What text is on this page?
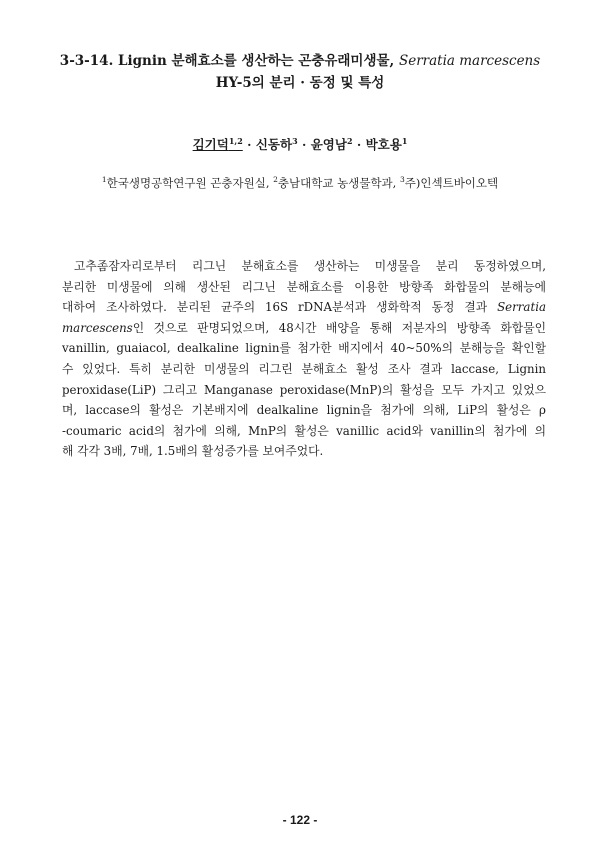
3-3-14. Lignin 분해효소를 생산하는 곤충유래미생물, Serratia marcescens
HY-5의 분리 · 동정 및 특성
김기덕$^{1,2}$ · 신동하$^3$ · 윤영남$^2$ · 박호용$^1$
$^1$한국생명공학연구원 곤충자원실, $^2$충남대학교 농생물학과, $^3$주)인섹트바이오텍
고추좀잠자리로부터 리그닌 분해효소를 생산하는 미생물을 분리 동정하였으며,
분리한 미생물에 의해 생산된 리그닌 분해효소를 이용한 방향족 화합물의 분해능에
대하여 조사하였다. 분리된 균주의 16S rDNA분석과 생화학적 동정 결과 Serratia
marcescens인 것으로 판명되었으며, 48시간 배양을 통해 저분자의 방향족 화합물인
vanillin, guaiacol, dealkaline lignin를 첨가한 배지에서 40~50%의 분해능을 확인할
수 있었다. 특히 분리한 미생물의 리그린 분해효소 활성 조사 결과 laccase, Lignin
peroxidase(LiP) 그리고 Manganase peroxidase(MnP)의 활성을 모두 가지고 있었으
며, laccase의 활성은 기본배지에 dealkaline lignin을 첨가에 의해, LiP의 활성은 ρ
-coumaric acid의 첨가에 의해, MnP의 활성은 vanillic acid와 vanillin의 첨가에 의
해 각각 3배, 7배, 1.5배의 활성증가를 보여주었다.
- 122 -
